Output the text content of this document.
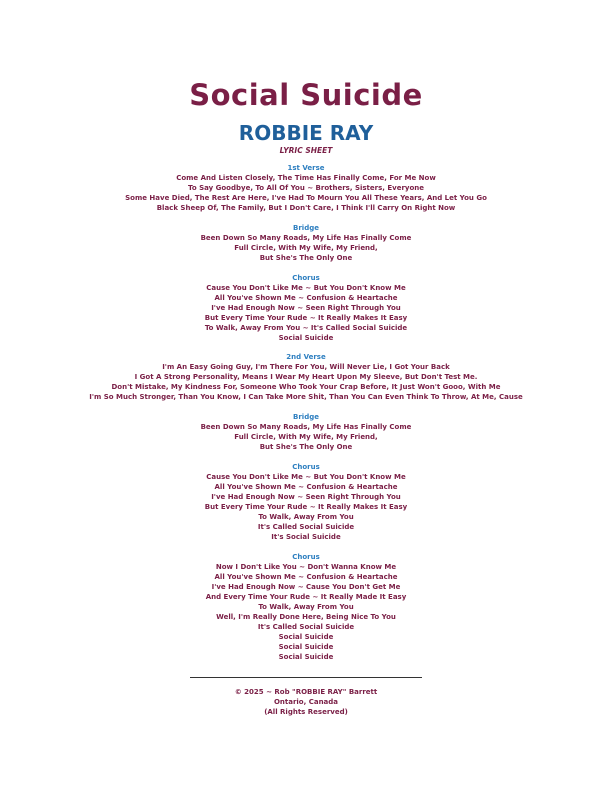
Social Suicide
ROBBIE RAY
LYRIC SHEET

1st Verse

Come And Listen Closely, The Time Has Finally Come, For Me Now

To Say Goodbye, To All Of You ~ Brothers, Sisters, Everyone

Some Have Died, The Rest Are Here, I've Had To Mourn You All These Years, And Let You Go

Black Sheep Of, The Family, But I Don't Care, I Think I'll Carry On Right Now

Bridge

Been Down So Many Roads, My Life Has Finally Come

Full Circle, With My Wife, My Friend,

But She's The Only One

Chorus

Cause You Don't Like Me ~ But You Don't Know Me

All You've Shown Me ~ Confusion & Heartache

I've Had Enough Now ~ Seen Right Through You

But Every Time Your Rude ~ It Really Makes It Easy

To Walk, Away From You ~ It's Called Social Suicide

Social Suicide

2nd Verse

I'm An Easy Going Guy, I'm There For You, Will Never Lie, I Got Your Back

I Got A Strong Personality, Means I Wear My Heart Upon My Sleeve, But Don't Test Me.

Don't Mistake, My Kindness For, Someone Who Took Your Crap Before, It Just Won't Gooo, With Me

I'm So Much Stronger, Than You Know, I Can Take More Shit, Than You Can Even Think To Throw, At Me, Cause

Bridge

Been Down So Many Roads, My Life Has Finally Come

Full Circle, With My Wife, My Friend,

But She's The Only One

Chorus

Cause You Don't Like Me ~ But You Don't Know Me

All You've Shown Me ~ Confusion & Heartache

I've Had Enough Now ~ Seen Right Through You

But Every Time Your Rude ~ It Really Makes It Easy

To Walk, Away From You

It's Called Social Suicide

It's Social Suicide

Chorus

Now I Don't Like You ~ Don't Wanna Know Me

All You've Shown Me ~ Confusion & Heartache

I've Had Enough Now ~ Cause You Don't Get Me

And Every Time Your Rude ~ It Really Made It Easy

To Walk, Away From You

Well, I'm Really Done Here, Being Nice To You

It's Called Social Suicide

Social Suicide

Social Suicide

Social Suicide

© 2025 ~ Rob "ROBBIE RAY" Barrett

Ontario, Canada

(All Rights Reserved)
